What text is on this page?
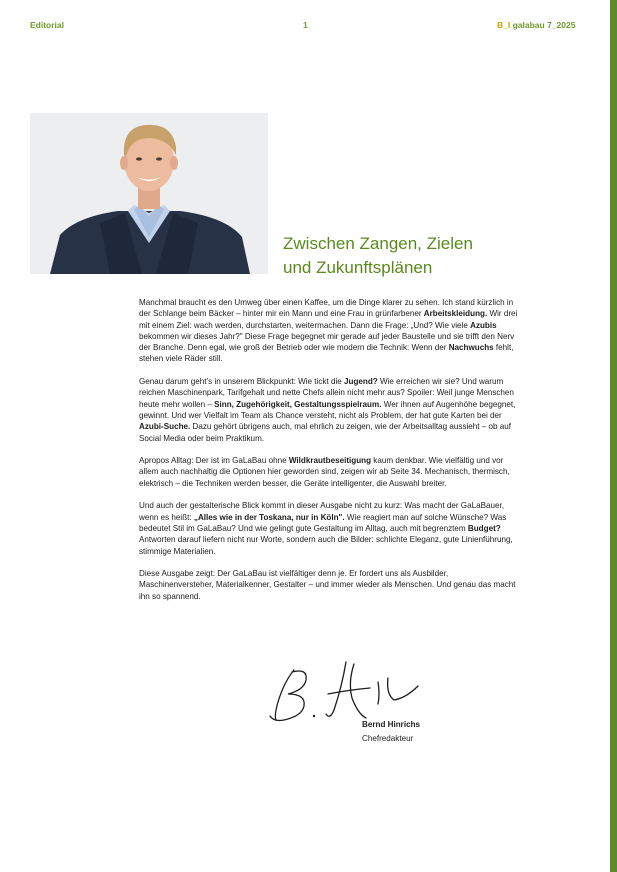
Editorial	1	B_I galabau 7_2025
Zwischen Zangen, Zielen
und Zukunftsplänen

Manchmal braucht es den Umweg über einen Kaffee, um die Dinge klarer zu sehen. Ich stand kürzlich in der Schlange beim Bäcker – hinter mir ein Mann und eine Frau in grünfarbener Arbeitskleidung. Wir drei mit einem Ziel: wach werden, durchstarten, weitermachen. Dann die Frage: „Und? Wie viele Azubis bekommen wir dieses Jahr?" Diese Frage begegnet mir gerade auf jeder Baustelle und sie trifft den Nerv der Branche. Denn egal, wie groß der Betrieb oder wie modern die Technik: Wenn der Nachwuchs fehlt, stehen viele Räder still.

Genau darum geht’s in unserem Blickpunkt: Wie tickt die Jugend? Wie erreichen wir sie? Und warum reichen Maschinenpark, Tarifgehalt und nette Chefs allein nicht mehr aus? Spoiler: Weil junge Menschen heute mehr wollen – Sinn, Zugehörigkeit, Gestaltungsspielraum. Wer ihnen auf Augenhöhe begegnet, gewinnt. Und wer Vielfalt im Team als Chance versteht, nicht als Problem, der hat gute Karten bei der Azubi-Suche. Dazu gehört übrigens auch, mal ehrlich zu zeigen, wie der Arbeitsalltag aussieht – ob auf Social Media oder beim Praktikum.

Apropos Alltag: Der ist im GaLaBau ohne Wildkrautbeseitigung kaum denkbar. Wie vielfältig und vor allem auch nachhaltig die Optionen hier geworden sind, zeigen wir ab Seite 34. Mechanisch, thermisch, elektrisch – die Techniken werden besser, die Geräte intelligenter, die Auswahl breiter.

Und auch der gestalterische Blick kommt in dieser Ausgabe nicht zu kurz: Was macht der GaLaBauer, wenn es heißt: „Alles wie in der Toskana, nur in Köln". Wie reagiert man auf solche Wünsche? Was bedeutet Stil im GaLaBau? Und wie gelingt gute Gestaltung im Alltag, auch mit begrenztem Budget? Antworten darauf liefern nicht nur Worte, sondern auch die Bilder: schlichte Eleganz, gute Linienführung, stimmige Materialien.

Diese Ausgabe zeigt: Der GaLaBau ist vielfältiger denn je. Er fordert uns als Ausbilder, Maschinenversteher, Materialkenner, Gestalter – und immer wieder als Menschen. Und genau das macht ihn so spannend.

Bernd Hinrichs
Chefredakteur
